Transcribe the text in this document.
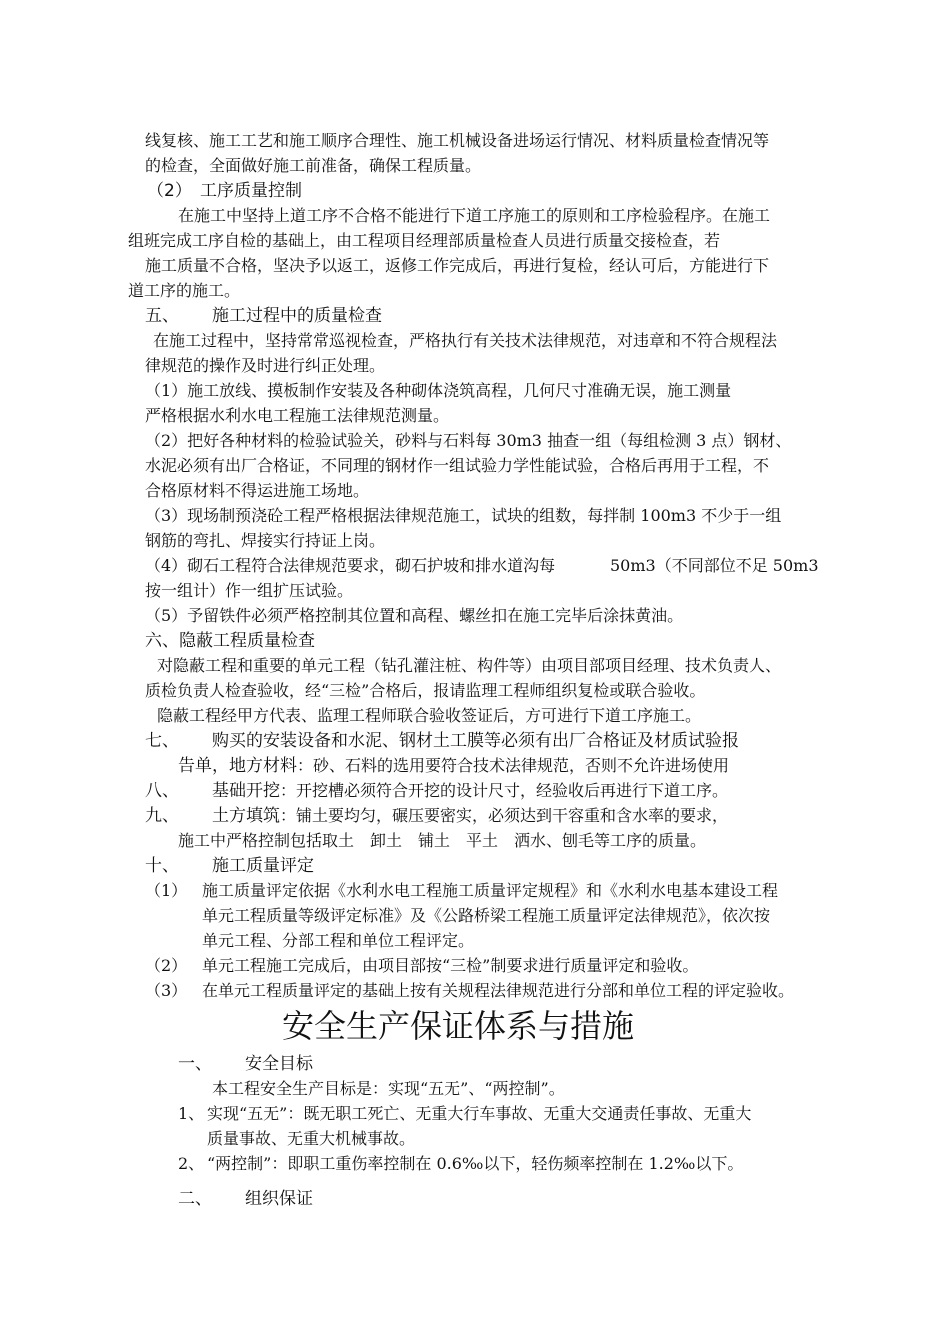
线复核、施工工艺和施工顺序合理性、施工机械设备进场运行情况、材料质量检查情况等
的检查，全面做好施工前准备，确保工程质量。
（2） 工序质量控制
在施工中坚持上道工序不合格不能进行下道工序施工的原则和工序检验程序。在施工
组班完成工序自检的基础上，由工程项目经理部质量检查人员进行质量交接检查，若
施工质量不合格，坚决予以返工，返修工作完成后，再进行复检，经认可后，方能进行下
道工序的施工。
五、 施工过程中的质量检查
在施工过程中，坚持常常巡视检查，严格执行有关技术法律规范，对违章和不符合规程法
律规范的操作及时进行纠正处理。
（1）施工放线、摸板制作安装及各种砌体浇筑高程，几何尺寸准确无误，施工测量
严格根据水利水电工程施工法律规范测量。
（2）把好各种材料的检验试验关，砂料与石料每 30m3 抽查一组（每组检测 3 点）钢材、
水泥必须有出厂合格证，不同理的钢材作一组试验力学性能试验，合格后再用于工程，不
合格原材料不得运进施工场地。
（3）现场制预浇砼工程严格根据法律规范施工，试块的组数，每拌制 100m3 不少于一组
钢筋的弯扎、焊接实行持证上岗。
（4）砌石工程符合法律规范要求，砌石护坡和排水道沟每	50m3（不同部位不足 50m3
按一组计）作一组扩压试验。
（5）予留铁件必须严格控制其位置和高程、螺丝扣在施工完毕后涂抹黄油。
六、隐蔽工程质量检查
对隐蔽工程和重要的单元工程（钻孔灌注桩、构件等）由项目部项目经理、技术负责人、
质检负责人检查验收，经“三检”合格后，报请监理工程师组织复检或联合验收。
隐蔽工程经甲方代表、监理工程师联合验收签证后，方可进行下道工序施工。
七、 购买的安装设备和水泥、钢材土工膜等必须有出厂合格证及材质试验报
告单，地方材料：砂、石料的选用要符合技术法律规范，否则不允许进场使用
八、 基础开挖：开挖槽必须符合开挖的设计尺寸，经验收后再进行下道工序。
九、 土方填筑：铺土要均匀，碾压要密实，必须达到干容重和含水率的要求，
施工中严格控制包括取土　卸土　铺土　平土　洒水、刨毛等工序的质量。
十、 施工质量评定
（1） 施工质量评定依据《水利水电工程施工质量评定规程》和《水利水电基本建设工程
单元工程质量等级评定标准》及《公路桥梁工程施工质量评定法律规范》，依次按
单元工程、分部工程和单位工程评定。
（2） 单元工程施工完成后，由项目部按“三检”制要求进行质量评定和验收。
（3） 在单元工程质量评定的基础上按有关规程法律规范进行分部和单位工程的评定验收。
安全生产保证体系与措施
一、 安全目标
本工程安全生产目标是：实现“五无”、“两控制”。
1、 实现“五无”：既无职工死亡、无重大行车事故、无重大交通责任事故、无重大
质量事故、无重大机械事故。
2、 “两控制”：即职工重伤率控制在 0.6‰以下，轻伤频率控制在 1.2‰以下。
二、 组织保证
